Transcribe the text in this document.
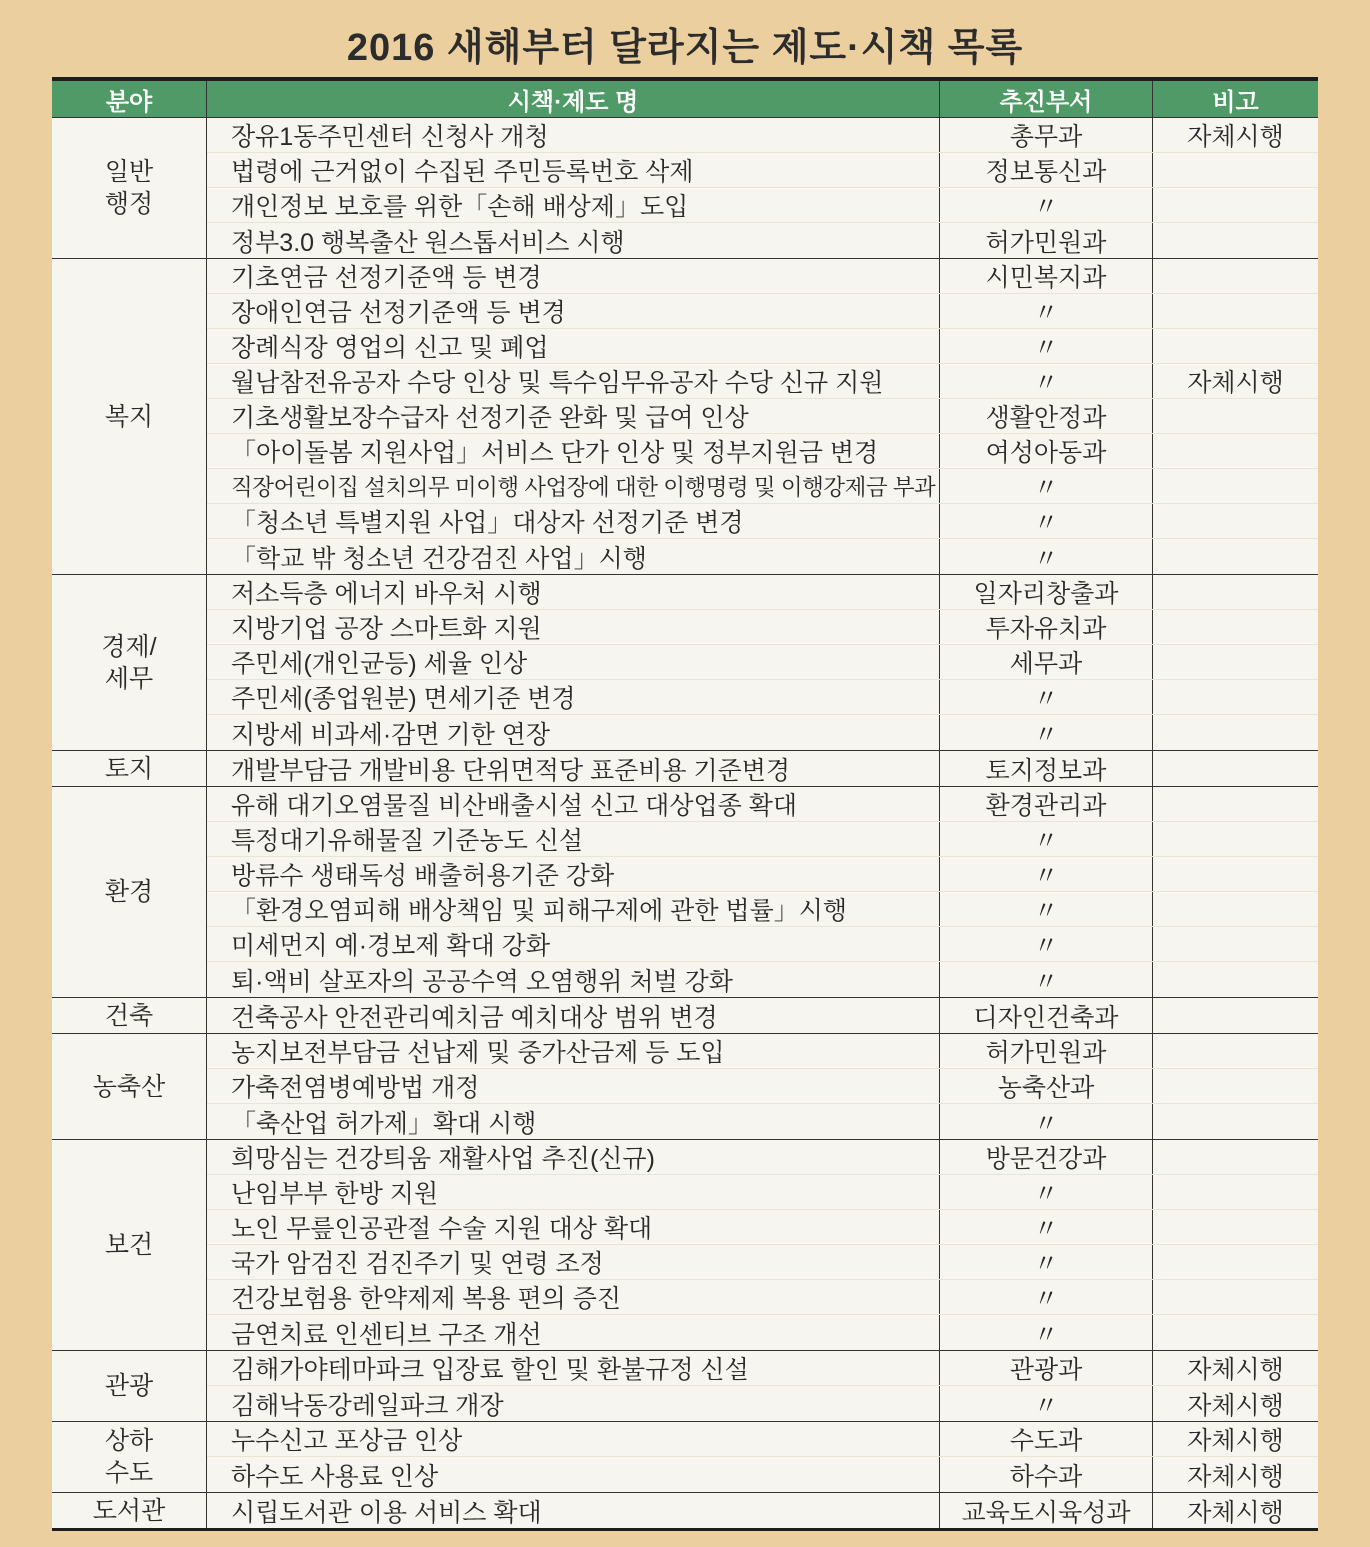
2016 새해부터 달라지는 제도·시책 목록
분야	시책·제도 명	추진부서	비고
일반
행정
장유1동주민센터 신청사 개청	총무과	자체시행
법령에 근거없이 수집된 주민등록번호 삭제	정보통신과
개인정보 보호를 위한「손해 배상제」도입	〃
정부3.0 행복출산 원스톱서비스 시행	허가민원과
복지
기초연금 선정기준액 등 변경	시민복지과
장애인연금 선정기준액 등 변경	〃
장례식장 영업의 신고 및 폐업	〃
월남참전유공자 수당 인상 및 특수임무유공자 수당 신규 지원	〃	자체시행
기초생활보장수급자 선정기준 완화 및 급여 인상	생활안정과
「아이돌봄 지원사업」서비스 단가 인상 및 정부지원금 변경	여성아동과
직장어린이집 설치의무 미이행 사업장에 대한 이행명령 및 이행강제금 부과	〃
「청소년 특별지원 사업」대상자 선정기준 변경	〃
「학교 밖 청소년 건강검진 사업」시행	〃
경제/
세무
저소득층 에너지 바우처 시행	일자리창출과
지방기업 공장 스마트화 지원	투자유치과
주민세(개인균등) 세율 인상	세무과
주민세(종업원분) 면세기준 변경	〃
지방세 비과세·감면 기한 연장	〃
토지	개발부담금 개발비용 단위면적당 표준비용 기준변경	토지정보과
환경
유해 대기오염물질 비산배출시설 신고 대상업종 확대	환경관리과
특정대기유해물질 기준농도 신설	〃
방류수 생태독성 배출허용기준 강화	〃
「환경오염피해 배상책임 및 피해구제에 관한 법률」시행	〃
미세먼지 예·경보제 확대 강화	〃
퇴·액비 살포자의 공공수역 오염행위 처벌 강화	〃
건축	건축공사 안전관리예치금 예치대상 범위 변경	디자인건축과
농축산
농지보전부담금 선납제 및 중가산금제 등 도입	허가민원과
가축전염병예방법 개정	농축산과
「축산업 허가제」확대 시행	〃
보건
희망심는 건강틔움 재활사업 추진(신규)	방문건강과
난임부부 한방 지원	〃
노인 무릎인공관절 수술 지원 대상 확대	〃
국가 암검진 검진주기 및 연령 조정	〃
건강보험용 한약제제 복용 편의 증진	〃
금연치료 인센티브 구조 개선	〃
관광
김해가야테마파크 입장료 할인 및 환불규정 신설	관광과	자체시행
김해낙동강레일파크 개장	〃	자체시행
상하
수도
누수신고 포상금 인상	수도과	자체시행
하수도 사용료 인상	하수과	자체시행
도서관	시립도서관 이용 서비스 확대	교육도시육성과	자체시행
